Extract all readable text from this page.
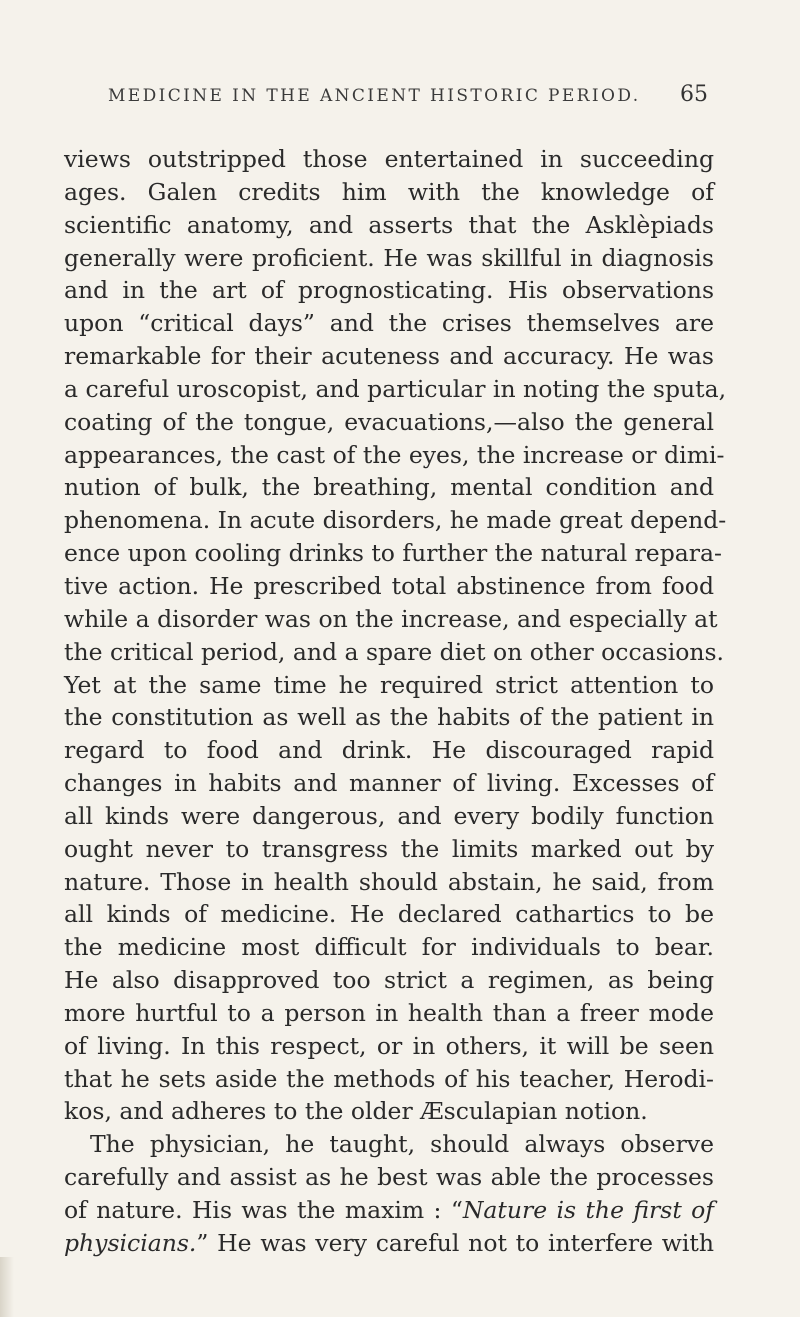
MEDICINE IN THE ANCIENT HISTORIC PERIOD. 65
views outstripped those entertained in succeeding
ages. Galen credits him with the knowledge of
scientific anatomy, and asserts that the Asklèpiads
generally were proficient. He was skillful in diagnosis
and in the art of prognosticating. His observations
upon “critical days” and the crises themselves are
remarkable for their acuteness and accuracy. He was
a careful uroscopist, and particular in noting the sputa,
coating of the tongue, evacuations,—also the general
appearances, the cast of the eyes, the increase or dimi-
nution of bulk, the breathing, mental condition and
phenomena. In acute disorders, he made great depend-
ence upon cooling drinks to further the natural repara-
tive action. He prescribed total abstinence from food
while a disorder was on the increase, and especially at
the critical period, and a spare diet on other occasions.
Yet at the same time he required strict attention to
the constitution as well as the habits of the patient in
regard to food and drink. He discouraged rapid
changes in habits and manner of living. Excesses of
all kinds were dangerous, and every bodily function
ought never to transgress the limits marked out by
nature. Those in health should abstain, he said, from
all kinds of medicine. He declared cathartics to be
the medicine most difficult for individuals to bear.
He also disapproved too strict a regimen, as being
more hurtful to a person in health than a freer mode
of living. In this respect, or in others, it will be seen
that he sets aside the methods of his teacher, Herodi-
kos, and adheres to the older Æsculapian notion.
The physician, he taught, should always observe
carefully and assist as he best was able the processes
of nature. His was the maxim : “Nature is the first of
physicians.” He was very careful not to interfere with
